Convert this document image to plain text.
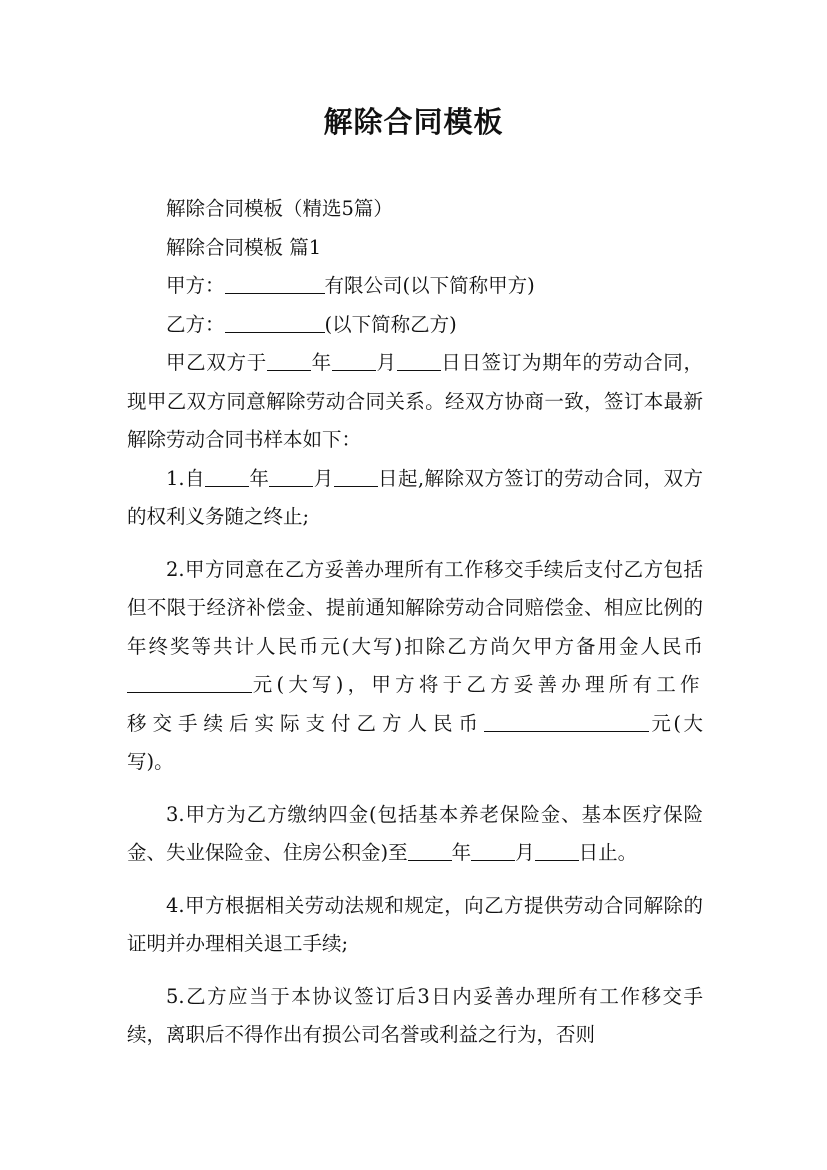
解除合同模板

解除合同模板（精选5篇）

解除合同模板 篇1

甲方：	有限公司(以下简称甲方)

乙方：	(以下简称乙方)

甲乙双方于 年 月 日日签订为期年的劳动合同，现甲乙双方同意解除劳动合同关系。经双方协商一致，签订本最新解除劳动合同书样本如下：

1.自 年 月 日起,解除双方签订的劳动合同，双方的权利义务随之终止;

2.甲方同意在乙方妥善办理所有工作移交手续后支付乙方包括但不限于经济补偿金、提前通知解除劳动合同赔偿金、相应比例的年终奖等共计人民币元(大写)扣除乙方尚欠甲方备用金人民币元(大写)，甲方将于乙方妥善办理所有工作移交手续后实际支付乙方人民币	元(大写)。

3.甲方为乙方缴纳四金(包括基本养老保险金、基本医疗保险金、失业保险金、住房公积金)至 年 月 日止。

4.甲方根据相关劳动法规和规定，向乙方提供劳动合同解除的证明并办理相关退工手续;

5.乙方应当于本协议签订后3日内妥善办理所有工作移交手续，离职后不得作出有损公司名誉或利益之行为，否则
